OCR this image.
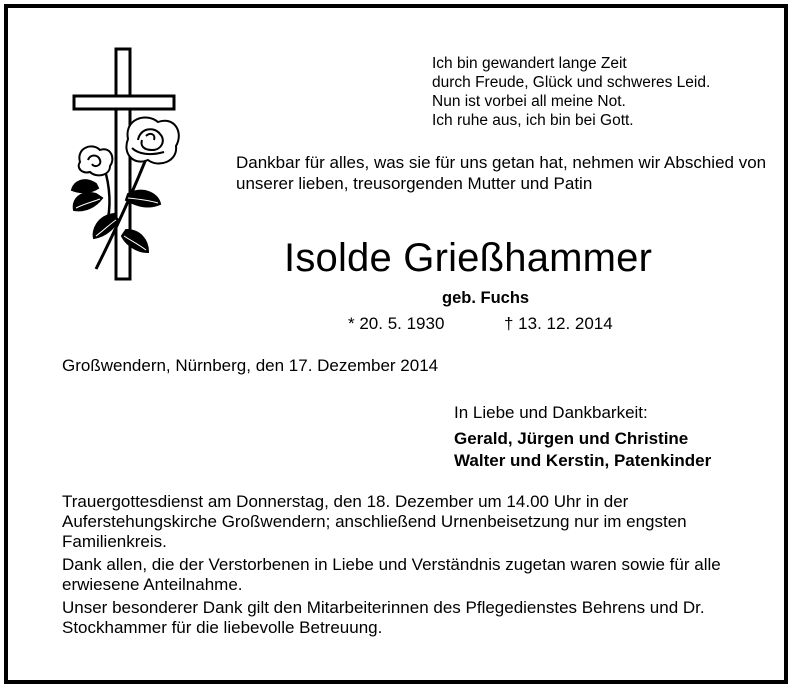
Ich bin gewandert lange Zeit
durch Freude, Glück und schweres Leid.
Nun ist vorbei all meine Not.
Ich ruhe aus, ich bin bei Gott.
Dankbar für alles, was sie für uns getan hat, nehmen wir Abschied von unserer lieben, treusorgenden Mutter und Patin
Isolde Grießhammer
geb. Fuchs
* 20. 5. 1930	† 13. 12. 2014
Großwendern, Nürnberg, den 17. Dezember 2014
In Liebe und Dankbarkeit:
Gerald, Jürgen und Christine
Walter und Kerstin, Patenkinder

Trauergottesdienst am Donnerstag, den 18. Dezember um 14.00 Uhr in der Auferstehungskirche Großwendern; anschließend Urnenbeisetzung nur im engsten Familienkreis.

Dank allen, die der Verstorbenen in Liebe und Verständnis zugetan waren sowie für alle erwiesene Anteilnahme.

Unser besonderer Dank gilt den Mitarbeiterinnen des Pflegedienstes Behrens und Dr. Stockhammer für die liebevolle Betreuung.
